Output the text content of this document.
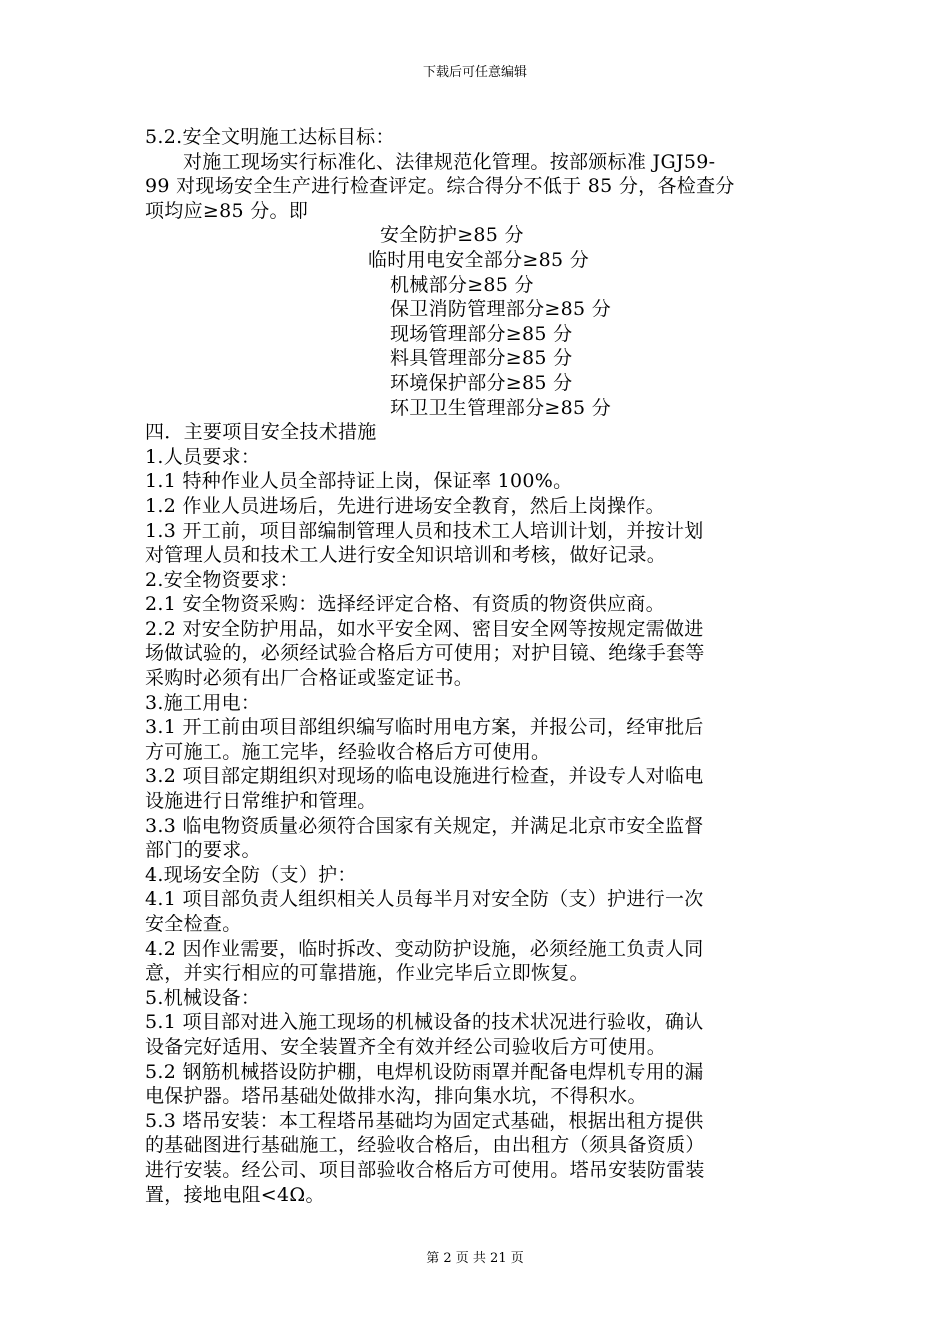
下载后可任意编辑
5.2.安全文明施工达标目标：
对施工现场实行标准化、法律规范化管理。按部颁标准 JGJ59-
99 对现场安全生产进行检查评定。综合得分不低于 85 分，各检查分
项均应≥85 分。即
安全防护≥85 分
临时用电安全部分≥85 分
机械部分≥85 分
保卫消防管理部分≥85 分
现场管理部分≥85 分
料具管理部分≥85 分
环境保护部分≥85 分
环卫卫生管理部分≥85 分
四．主要项目安全技术措施
1.人员要求：
1.1 特种作业人员全部持证上岗，保证率 100%。
1.2 作业人员进场后，先进行进场安全教育，然后上岗操作。
1.3 开工前，项目部编制管理人员和技术工人培训计划，并按计划
对管理人员和技术工人进行安全知识培训和考核，做好记录。
2.安全物资要求：
2.1 安全物资采购：选择经评定合格、有资质的物资供应商。
2.2 对安全防护用品，如水平安全网、密目安全网等按规定需做进
场做试验的，必须经试验合格后方可使用；对护目镜、绝缘手套等
采购时必须有出厂合格证或鉴定证书。
3.施工用电：
3.1 开工前由项目部组织编写临时用电方案，并报公司，经审批后
方可施工。施工完毕，经验收合格后方可使用。
3.2 项目部定期组织对现场的临电设施进行检查，并设专人对临电
设施进行日常维护和管理。
3.3 临电物资质量必须符合国家有关规定，并满足北京市安全监督
部门的要求。
4.现场安全防（支）护：
4.1 项目部负责人组织相关人员每半月对安全防（支）护进行一次
安全检查。
4.2 因作业需要，临时拆改、变动防护设施，必须经施工负责人同
意，并实行相应的可靠措施，作业完毕后立即恢复。
5.机械设备：
5.1 项目部对进入施工现场的机械设备的技术状况进行验收，确认
设备完好适用、安全装置齐全有效并经公司验收后方可使用。
5.2 钢筋机械搭设防护棚，电焊机设防雨罩并配备电焊机专用的漏
电保护器。塔吊基础处做排水沟，排向集水坑，不得积水。
5.3 塔吊安装：本工程塔吊基础均为固定式基础，根据出租方提供
的基础图进行基础施工，经验收合格后，由出租方（须具备资质）
进行安装。经公司、项目部验收合格后方可使用。塔吊安装防雷装
置，接地电阻<4Ω。
第 2 页 共 21 页
